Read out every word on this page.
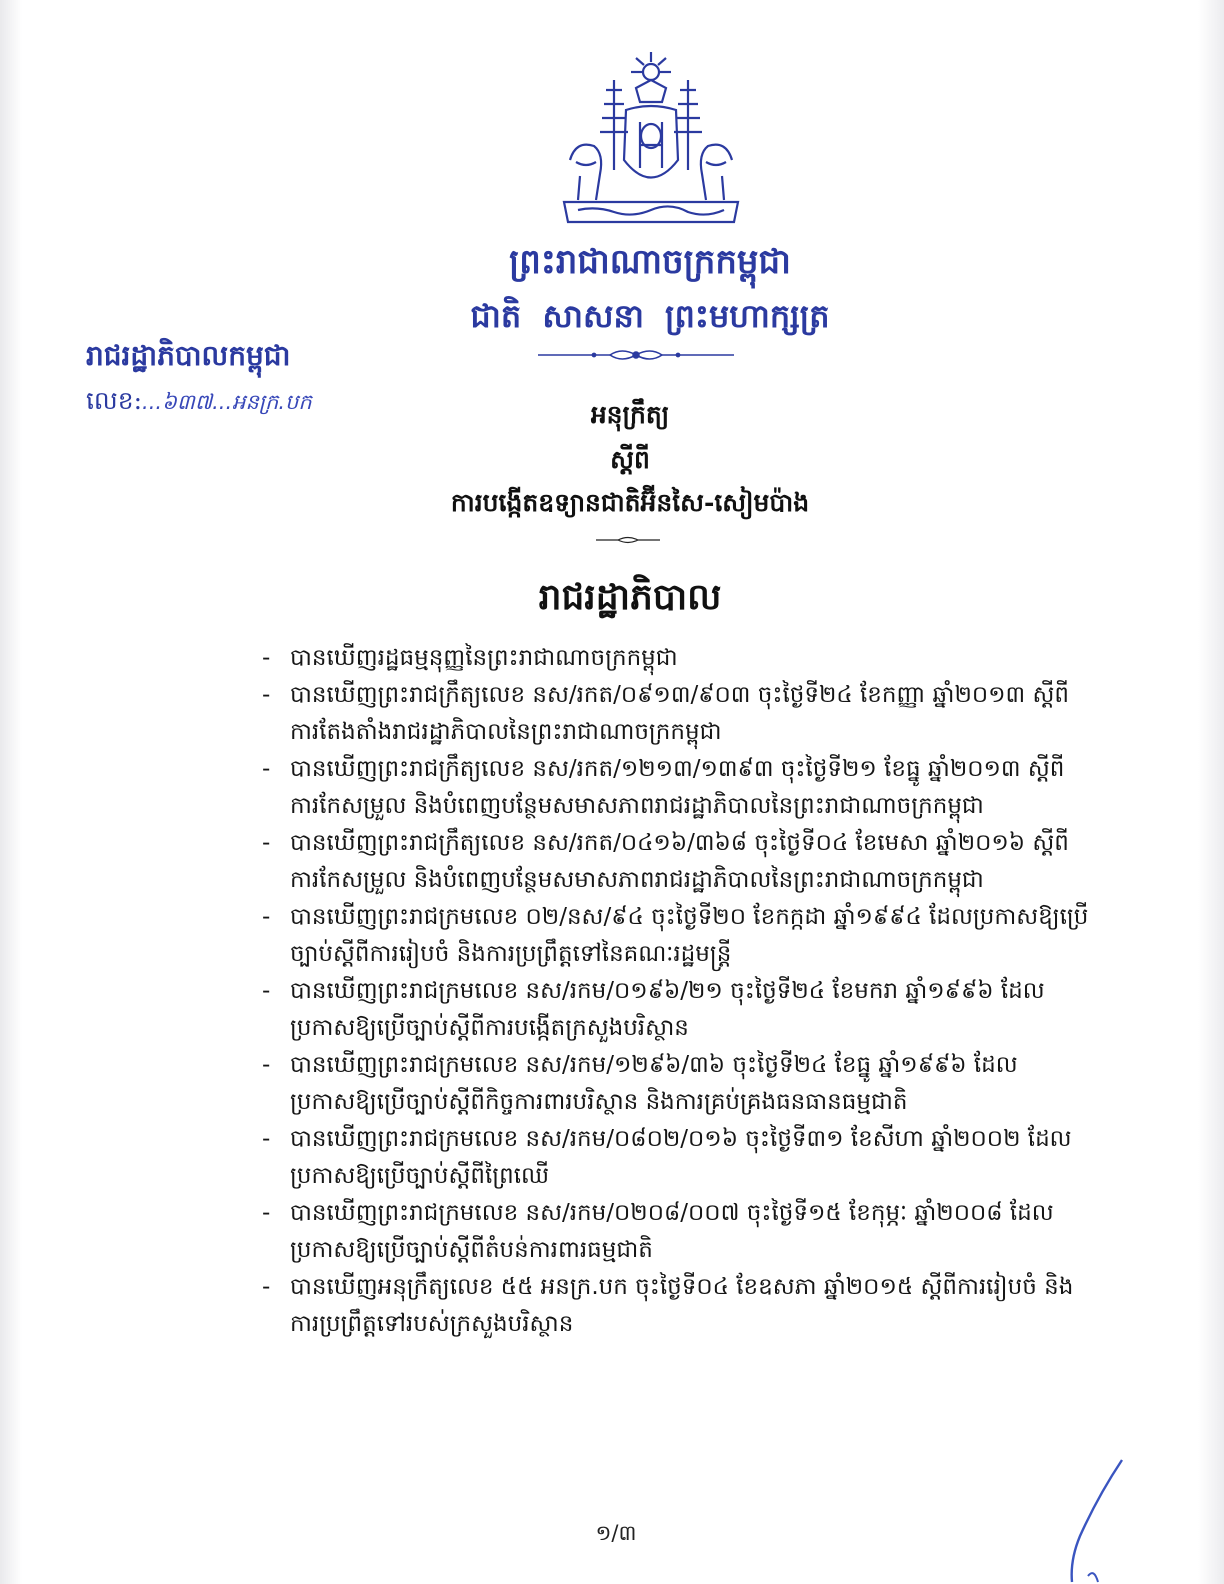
ព្រះរាជាណាចក្រកម្ពុជា
ជាតិ សាសនា ព្រះមហាក្សត្រ
រាជរដ្ឋាភិបាលកម្ពុជា
លេខ:...៦៣៧...អនក្រ.បក	អនុក្រឹត្យ
ស្តីពី
ការបង្កើតឧទ្យានជាតិអ៊ីនសៃ-សៀមប៉ាង
រាជរដ្ឋាភិបាល
- បានឃើញរដ្ឋធម្មនុញ្ញនៃព្រះរាជាណាចក្រកម្ពុជា
- បានឃើញព្រះរាជក្រឹត្យលេខ នស/រកត/០៩១៣/៩០៣ ចុះថ្ងៃទី២៤ ខែកញ្ញា ឆ្នាំ២០១៣ ស្តីពីការតែងតាំងរាជរដ្ឋាភិបាលនៃព្រះរាជាណាចក្រកម្ពុជា
- បានឃើញព្រះរាជក្រឹត្យលេខ នស/រកត/១២១៣/១៣៩៣ ចុះថ្ងៃទី២១ ខែធ្នូ ឆ្នាំ២០១៣ ស្តីពីការកែសម្រួល និងបំពេញបន្ថែមសមាសភាពរាជរដ្ឋាភិបាលនៃព្រះរាជាណាចក្រកម្ពុជា
- បានឃើញព្រះរាជក្រឹត្យលេខ នស/រកត/០៤១៦/៣៦៨ ចុះថ្ងៃទី០៤ ខែមេសា ឆ្នាំ២០១៦ ស្តីពីការកែសម្រួល និងបំពេញបន្ថែមសមាសភាពរាជរដ្ឋាភិបាលនៃព្រះរាជាណាចក្រកម្ពុជា
- បានឃើញព្រះរាជក្រមលេខ ០២/នស/៩៤ ចុះថ្ងៃទី២០ ខែកក្កដា ឆ្នាំ១៩៩៤ ដែលប្រកាសឱ្យប្រើច្បាប់ស្តីពីការរៀបចំ និងការប្រព្រឹត្តទៅនៃគណៈរដ្ឋមន្ត្រី
- បានឃើញព្រះរាជក្រមលេខ នស/រកម/០១៩៦/២១ ចុះថ្ងៃទី២៤ ខែមករា ឆ្នាំ១៩៩៦ ដែលប្រកាសឱ្យប្រើច្បាប់ស្តីពីការបង្កើតក្រសួងបរិស្ថាន
- បានឃើញព្រះរាជក្រមលេខ នស/រកម/១២៩៦/៣៦ ចុះថ្ងៃទី២៤ ខែធ្នូ ឆ្នាំ១៩៩៦ ដែលប្រកាសឱ្យប្រើច្បាប់ស្តីពីកិច្ចការពារបរិស្ថាន និងការគ្រប់គ្រងធនធានធម្មជាតិ
- បានឃើញព្រះរាជក្រមលេខ នស/រកម/០៨០២/០១៦ ចុះថ្ងៃទី៣១ ខែសីហា ឆ្នាំ២០០២ ដែលប្រកាសឱ្យប្រើច្បាប់ស្តីពីព្រៃឈើ
- បានឃើញព្រះរាជក្រមលេខ នស/រកម/០២០៨/០០៧ ចុះថ្ងៃទី១៥ ខែកុម្ភៈ ឆ្នាំ២០០៨ ដែលប្រកាសឱ្យប្រើច្បាប់ស្តីពីតំបន់ការពារធម្មជាតិ
- បានឃើញអនុក្រឹត្យលេខ ៥៥ អនក្រ.បក ចុះថ្ងៃទី០៤ ខែឧសភា ឆ្នាំ២០១៥ ស្តីពីការរៀបចំ និងការប្រព្រឹត្តទៅរបស់ក្រសួងបរិស្ថាន
១/៣
